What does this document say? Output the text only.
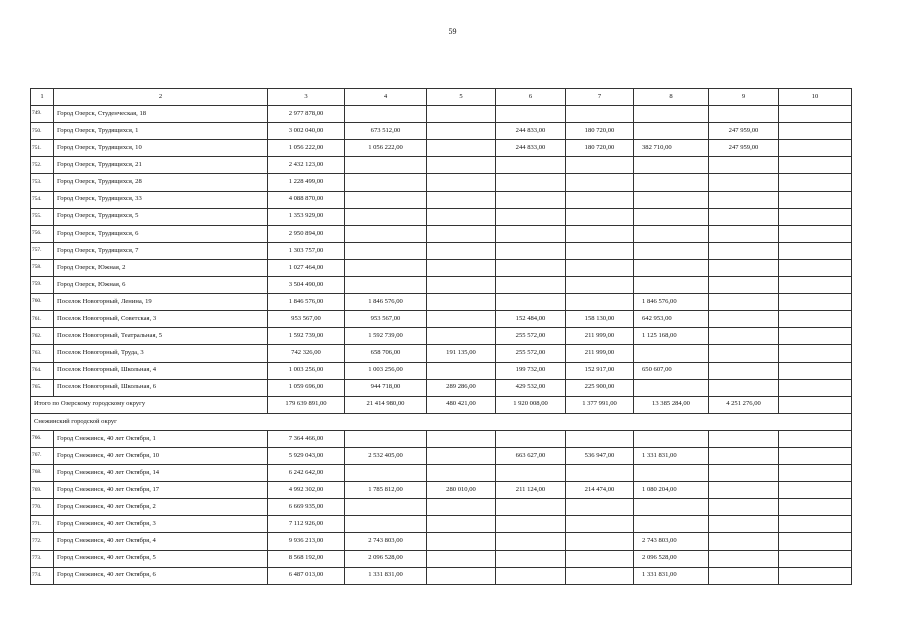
59
1	2	3	4	5	6	7	8	9	10
749.	Город Озерск, Студенческая, 18	2 977 878,00							
750.	Город Озерск, Трудящихся, 1	3 002 040,00	673 512,00		244 833,00	180 720,00		247 959,00	
751.	Город Озерск, Трудящихся, 10	1 056 222,00	1 056 222,00		244 833,00	180 720,00	382 710,00	247 959,00	
752.	Город Озерск, Трудящихся, 21	2 432 123,00							
753.	Город Озерск, Трудящихся, 28	1 228 499,00							
754.	Город Озерск, Трудящихся, 33	4 088 870,00							
755.	Город Озерск, Трудящихся, 5	1 353 929,00							
756.	Город Озерск, Трудящихся, 6	2 950 894,00							
757.	Город Озерск, Трудящихся, 7	1 303 757,00							
758.	Город Озерск, Южная, 2	1 027 464,00							
759.	Город Озерск, Южная, 6	3 504 490,00							
760.	Поселок Новогорный, Ленина, 19	1 846 576,00	1 846 576,00				1 846 576,00		
761.	Поселок Новогорный, Советская, 3	953 567,00	953 567,00		152 484,00	158 130,00	642 953,00		
762.	Поселок Новогорный, Театральная, 5	1 592 739,00	1 592 739,00		255 572,00	211 999,00	1 125 168,00		
763.	Поселок Новогорный, Труда, 3	742 326,00	658 706,00	191 135,00	255 572,00	211 999,00			
764.	Поселок Новогорный, Школьная, 4	1 003 256,00	1 003 256,00		199 732,00	152 917,00	650 607,00		
765.	Поселок Новогорный, Школьная, 6	1 059 696,00	944 718,00	289 286,00	429 532,00	225 900,00			
Итого по Озерскому городскому округу		179 639 891,00	21 414 980,00	480 421,00	1 920 008,00	1 377 991,00	13 385 284,00	4 251 276,00	
Снежинский городской округ									
766.	Город Снежинск, 40 лет Октября, 1	7 364 466,00							
767.	Город Снежинск, 40 лет Октября, 10	5 929 043,00	2 532 405,00		663 627,00	536 947,00	1 331 831,00		
768.	Город Снежинск, 40 лет Октября, 14	6 242 642,00							
769.	Город Снежинск, 40 лет Октября, 17	4 992 302,00	1 785 812,00	280 010,00	211 124,00	214 474,00	1 080 204,00		
770.	Город Снежинск, 40 лет Октября, 2	6 669 935,00							
771.	Город Снежинск, 40 лет Октября, 3	7 112 926,00							
772.	Город Снежинск, 40 лет Октября, 4	9 936 213,00	2 743 803,00				2 743 803,00		
773.	Город Снежинск, 40 лет Октября, 5	8 568 192,00	2 096 528,00				2 096 528,00		
774.	Город Снежинск, 40 лет Октября, 6	6 487 013,00	1 331 831,00				1 331 831,00		
